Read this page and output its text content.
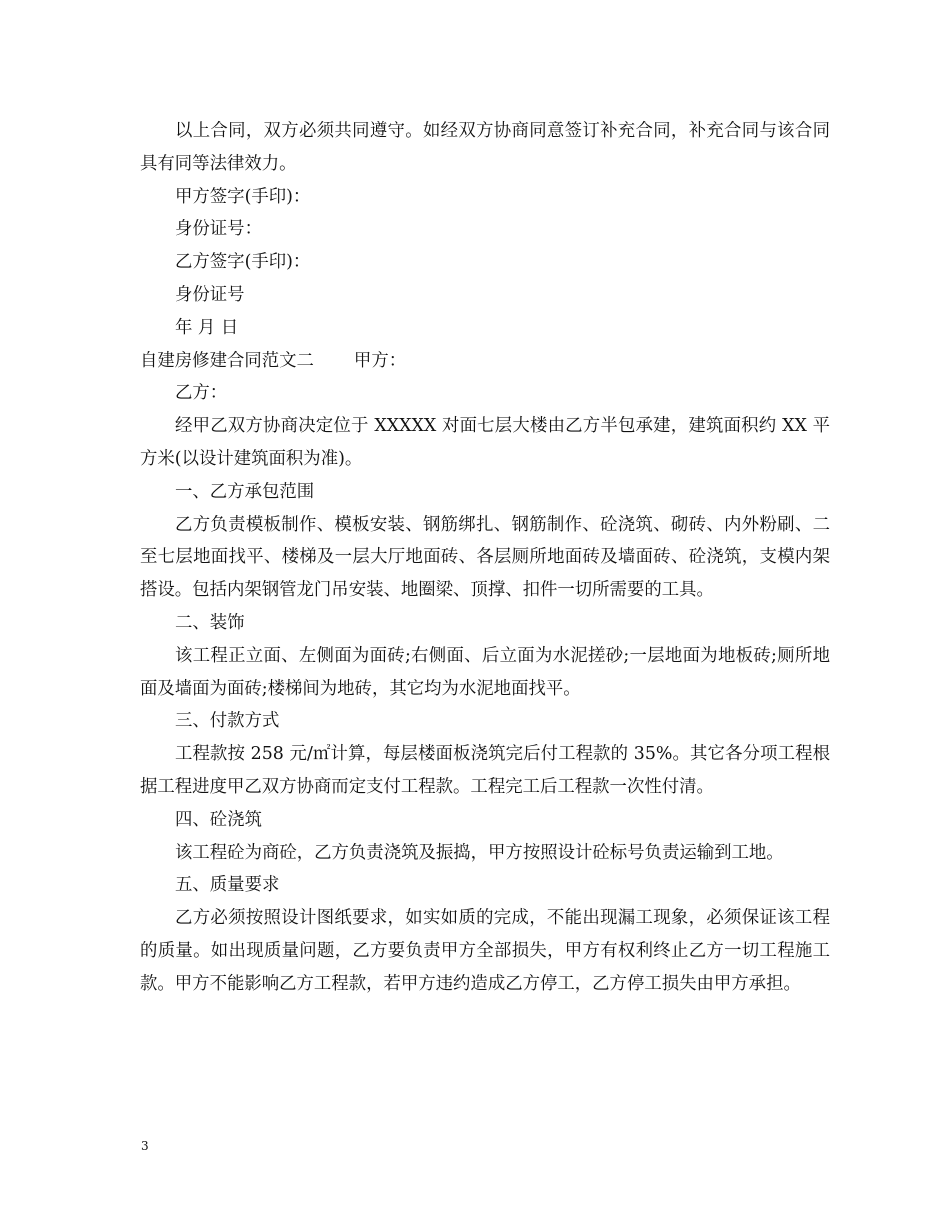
以上合同，双方必须共同遵守。如经双方协商同意签订补充合同，补充合同与该合同具有同等法律效力。

甲方签字(手印)：

身份证号：

乙方签字(手印)：

身份证号

年 月 日

自建房修建合同范文二 甲方：

乙方：

经甲乙双方协商决定位于 XXXXX 对面七层大楼由乙方半包承建，建筑面积约 XX 平方米(以设计建筑面积为准)。

一、乙方承包范围

乙方负责模板制作、模板安装、钢筋绑扎、钢筋制作、砼浇筑、砌砖、内外粉刷、二至七层地面找平、楼梯及一层大厅地面砖、各层厕所地面砖及墙面砖、砼浇筑，支模内架搭设。包括内架钢管龙门吊安装、地圈梁、顶撑、扣件一切所需要的工具。

二、装饰

该工程正立面、左侧面为面砖;右侧面、后立面为水泥搓砂;一层地面为地板砖;厕所地面及墙面为面砖;楼梯间为地砖，其它均为水泥地面找平。

三、付款方式

工程款按 258 元/㎡计算，每层楼面板浇筑完后付工程款的 35%。其它各分项工程根据工程进度甲乙双方协商而定支付工程款。工程完工后工程款一次性付清。

四、砼浇筑

该工程砼为商砼，乙方负责浇筑及振捣，甲方按照设计砼标号负责运输到工地。

五、质量要求

乙方必须按照设计图纸要求，如实如质的完成，不能出现漏工现象，必须保证该工程的质量。如出现质量问题，乙方要负责甲方全部损失，甲方有权利终止乙方一切工程施工款。甲方不能影响乙方工程款，若甲方违约造成乙方停工，乙方停工损失由甲方承担。

3
